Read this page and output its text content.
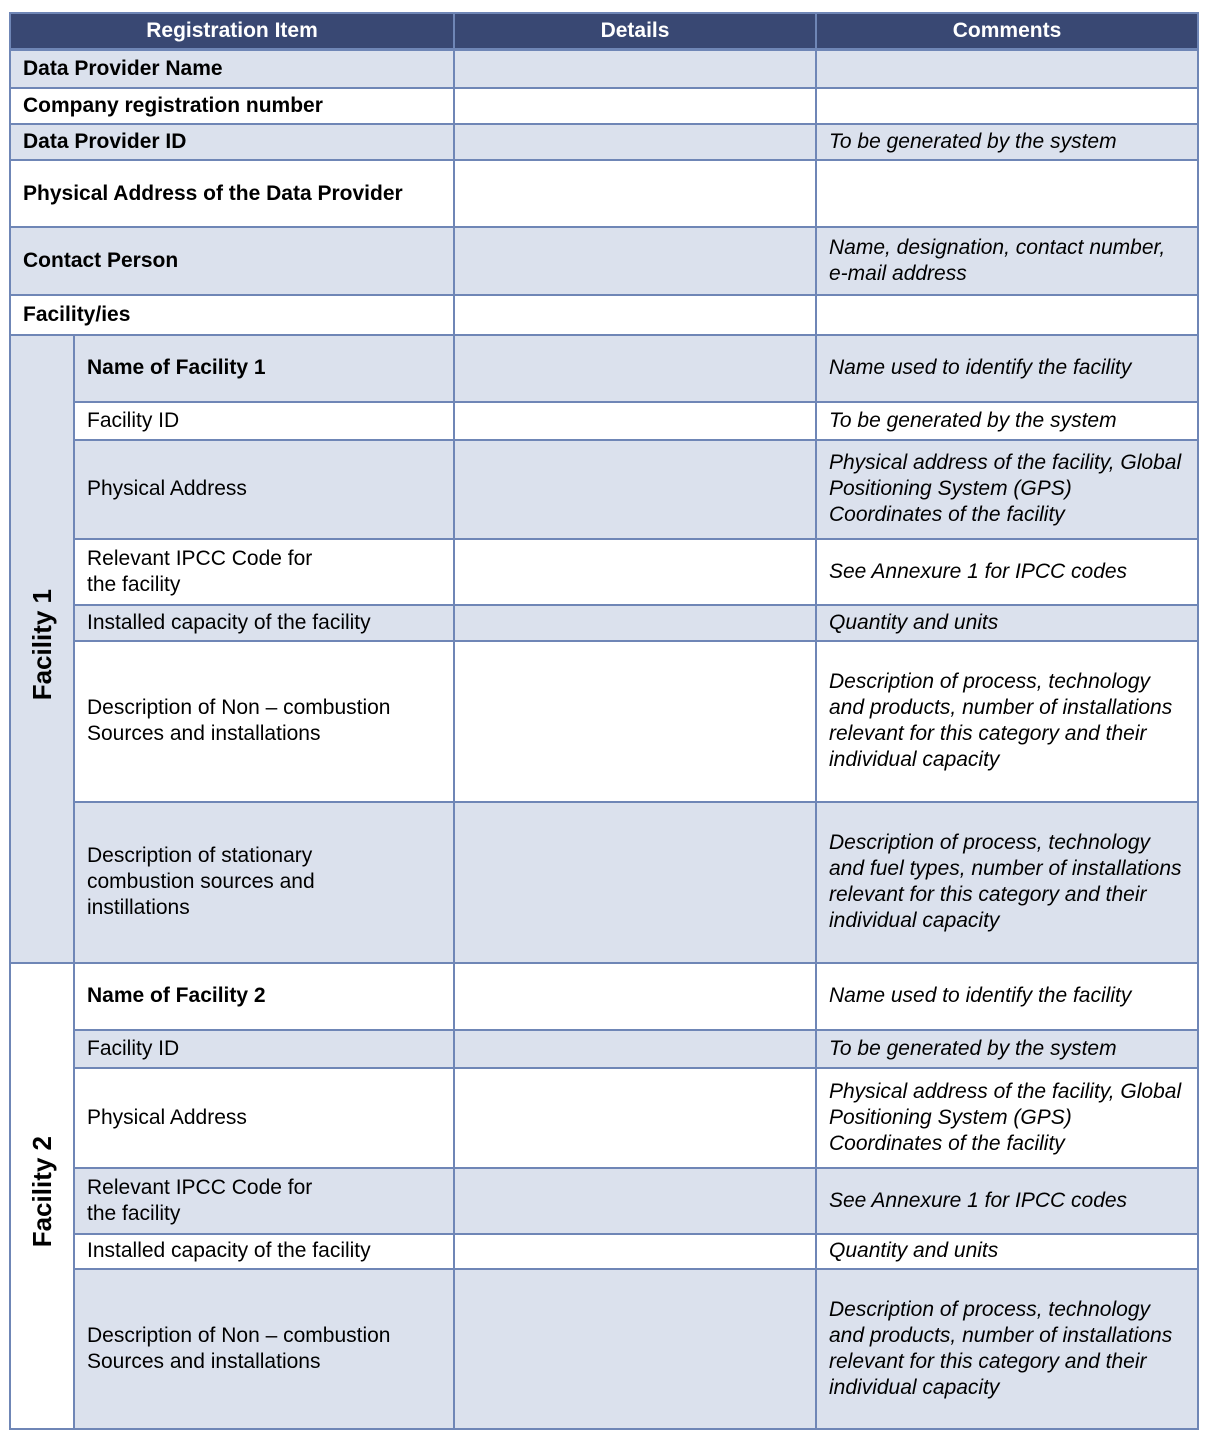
Registration Item		Details	Comments
Data Provider Name			
Company registration number			
Data Provider ID			To be generated by the system
Physical Address of the Data Provider			
Contact Person			Name, designation, contact number, e-mail address
Facility/ies			
Facility 1	Name of Facility 1		Name used to identify the facility
	Facility ID		To be generated by the system
	Physical Address		Physical address of the facility, Global Positioning System (GPS) Coordinates of the facility
	Relevant IPCC Code for the facility		See Annexure 1 for IPCC codes
	Installed capacity of the facility		Quantity and units
	Description of Non – combustion Sources and installations		Description of process, technology and products, number of installations relevant for this category and their individual capacity
	Description of stationary combustion sources and instillations		Description of process, technology and fuel types, number of installations relevant for this category and their individual capacity
Facility 2	Name of Facility 2		Name used to identify the facility
	Facility ID		To be generated by the system
	Physical Address		Physical address of the facility, Global Positioning System (GPS) Coordinates of the facility
	Relevant IPCC Code for the facility		See Annexure 1 for IPCC codes
	Installed capacity of the facility		Quantity and units
	Description of Non – combustion Sources and installations		Description of process, technology and products, number of installations relevant for this category and their individual capacity
